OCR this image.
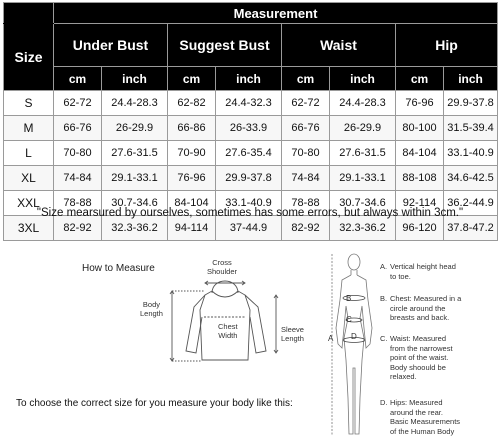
	Measurement							
Size	Under Bust		Suggest Bust		Waist		Hip	
	cm	inch	cm	inch	cm	inch	cm	inch
S	62-72	24.4-28.3	62-82	24.4-32.3	62-72	24.4-28.3	76-96	29.9-37.8
M	66-76	26-29.9	66-86	26-33.9	66-76	26-29.9	80-100	31.5-39.4
L	70-80	27.6-31.5	70-90	27.6-35.4	70-80	27.6-31.5	84-104	33.1-40.9
XL	74-84	29.1-33.1	76-96	29.9-37.8	74-84	29.1-33.1	88-108	34.6-42.5
XXL	78-88	30.7-34.6	84-104	33.1-40.9	78-88	30.7-34.6	92-114	36.2-44.9
3XL	82-92	32.3-36.2	94-114	37-44.9	82-92	32.3-36.2	96-120	37.8-47.2
"Size mearsured by ourselves, sometimes has some errors, but always within 3cm."
How to Measure
Cross
Shoulder
Body
Length
Chest
Width
Sleeve
Length
To choose the correct size for you measure your body like this:
A
B
C
D
A. Vertical height head
to toe.
B. Chest: Measured in a
circle around the
breasts and back.
C. Waist: Measured
from the narrowest
point of the waist.
Body shoould be
relaxed.
D. Hips: Measured
around the rear.
Basic Measurements
of the Human Body
